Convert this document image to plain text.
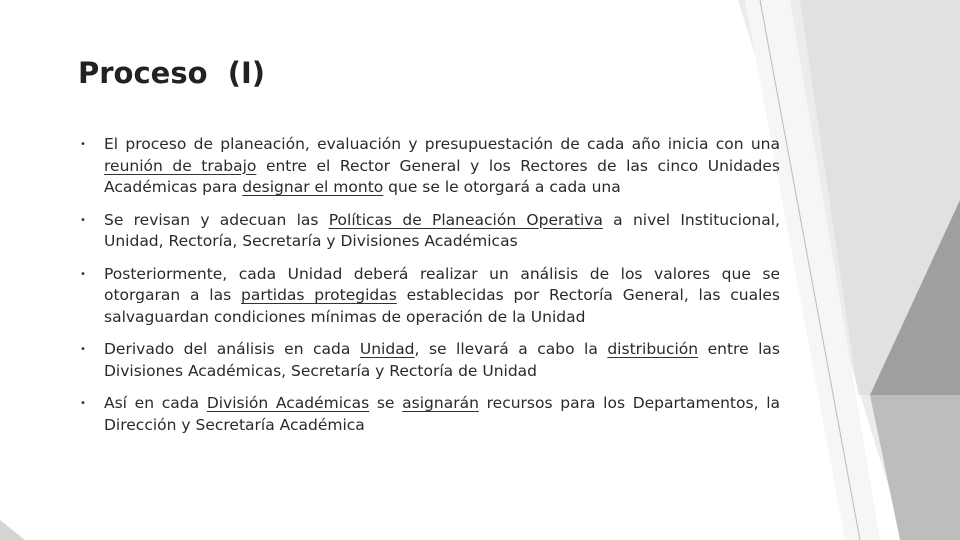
Proceso  (I)
• El proceso de planeación, evaluación y presupuestación de cada año inicia con una reunión de trabajo entre el Rector General y los Rectores de las cinco Unidades Académicas para designar el monto que se le otorgará a cada una
• Se revisan y adecuan las Políticas de Planeación Operativa a nivel Institucional, Unidad, Rectoría, Secretaría y Divisiones Académicas
• Posteriormente, cada Unidad deberá realizar un análisis de los valores que se otorgaran a las partidas protegidas establecidas por Rectoría General, las cuales salvaguardan condiciones mínimas de operación de la Unidad
• Derivado del análisis en cada Unidad, se llevará a cabo la distribución entre las Divisiones Académicas, Secretaría y Rectoría de Unidad
• Así en cada División Académicas se asignarán recursos para los Departamentos, la Dirección y Secretaría Académica
